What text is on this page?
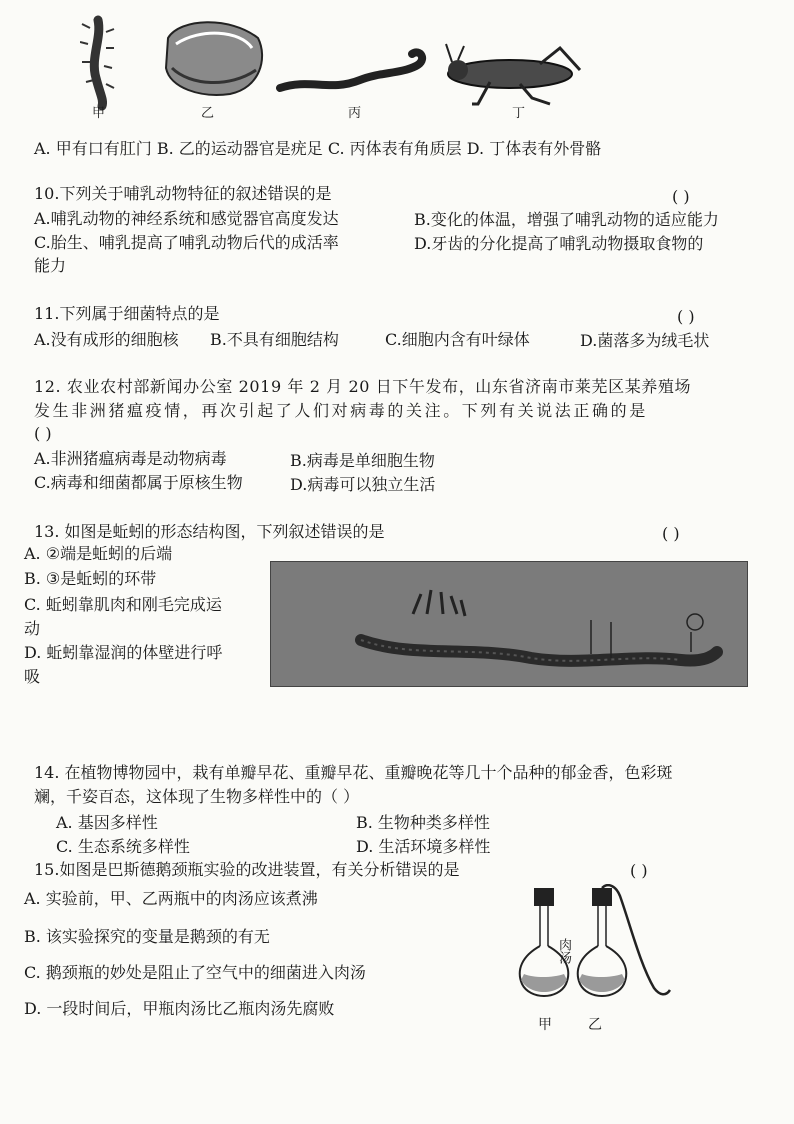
甲	乙	丙	丁
A. 甲有口有肛门 B. 乙的运动器官是疣足 C. 丙体表有角质层 D. 丁体表有外骨骼
10.下列关于哺乳动物特征的叙述错误的是	( )
A.哺乳动物的神经系统和感觉器官高度发达	B.变化的体温，增强了哺乳动物的适应能力
C.胎生、哺乳提高了哺乳动物后代的成活率	D.牙齿的分化提高了哺乳动物摄取食物的
能力
11.下列属于细菌特点的是	( )
A.没有成形的细胞核 B.不具有细胞结构	C.细胞内含有叶绿体	D.菌落多为绒毛状
12. 农业农村部新闻办公室 2019 年 2 月 20 日下午发布，山东省济南市莱芜区某养殖场
发生非洲猪瘟疫情，再次引起了人们对病毒的关注。下列有关说法正确的是
( )
A.非洲猪瘟病毒是动物病毒	B.病毒是单细胞生物
C.病毒和细菌都属于原核生物	D.病毒可以独立生活
13. 如图是蚯蚓的形态结构图，下列叙述错误的是	( )
A. ②端是蚯蚓的后端
B. ③是蚯蚓的环带
C. 蚯蚓靠肌肉和刚毛完成运
动
D. 蚯蚓靠湿润的体壁进行呼
吸
14. 在植物博物园中，栽有单瓣早花、重瓣早花、重瓣晚花等几十个品种的郁金香，色彩斑
斓，千姿百态，这体现了生物多样性中的（ ）
A. 基因多样性	B. 生物种类多样性
C. 生态系统多样性	D. 生活环境多样性
15.如图是巴斯德鹅颈瓶实验的改进装置，有关分析错误的是	( )
A. 实验前，甲、乙两瓶中的肉汤应该煮沸
B. 该实验探究的变量是鹅颈的有无
C. 鹅颈瓶的妙处是阻止了空气中的细菌进入肉汤
D. 一段时间后，甲瓶肉汤比乙瓶肉汤先腐败
肉汤
甲	乙
